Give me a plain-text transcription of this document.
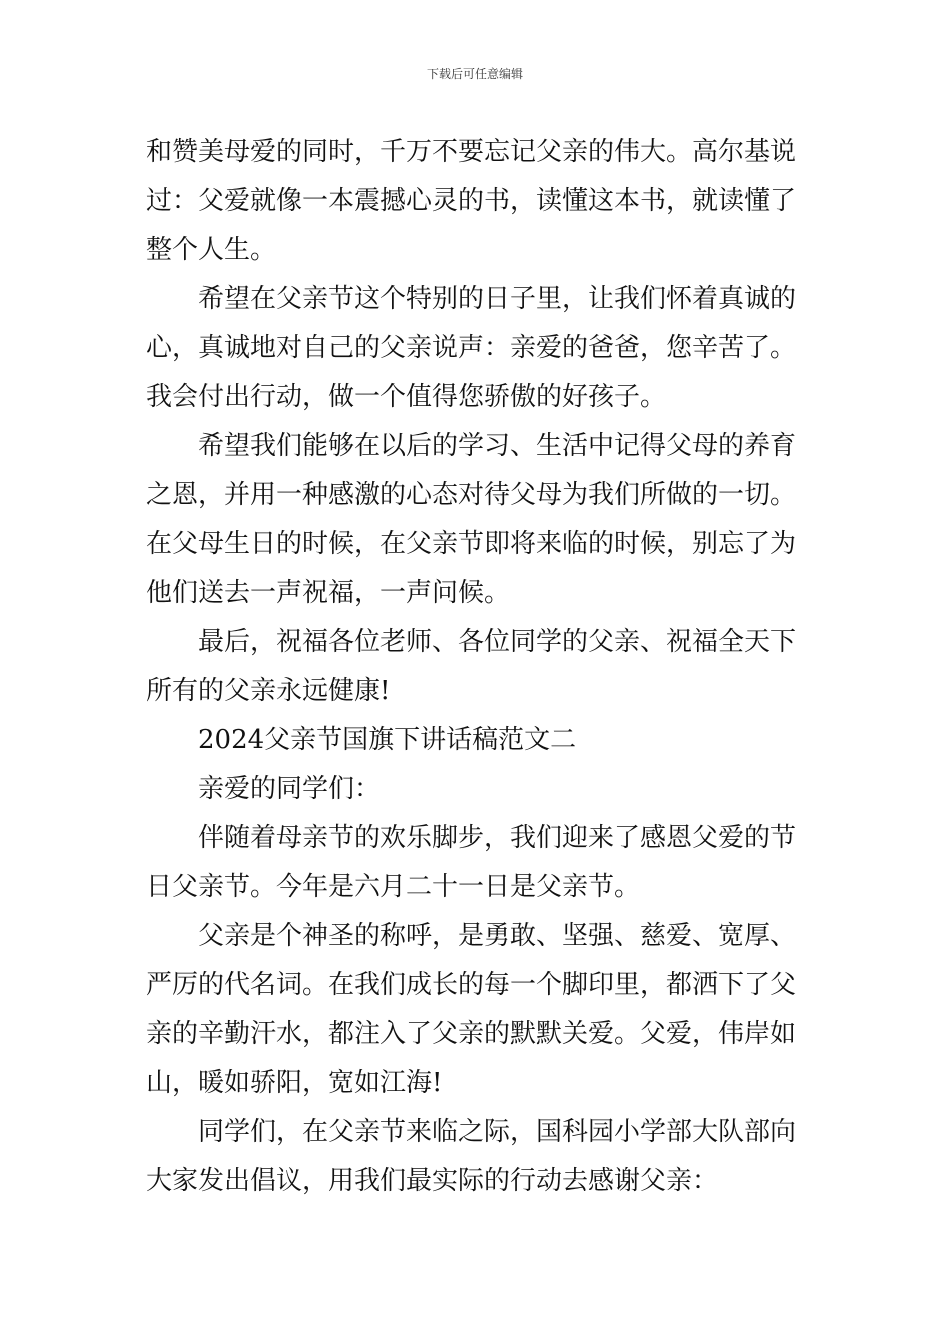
下载后可任意编辑
和赞美母爱的同时，千万不要忘记父亲的伟大。高尔基说
过：父爱就像一本震撼心灵的书，读懂这本书，就读懂了
整个人生。
希望在父亲节这个特别的日子里，让我们怀着真诚的
心，真诚地对自己的父亲说声：亲爱的爸爸，您辛苦了。
我会付出行动，做一个值得您骄傲的好孩子。
希望我们能够在以后的学习、生活中记得父母的养育
之恩，并用一种感激的心态对待父母为我们所做的一切。
在父母生日的时候，在父亲节即将来临的时候，别忘了为
他们送去一声祝福，一声问候。
最后，祝福各位老师、各位同学的父亲、祝福全天下
所有的父亲永远健康!
2024父亲节国旗下讲话稿范文二
亲爱的同学们：
伴随着母亲节的欢乐脚步，我们迎来了感恩父爱的节
日父亲节。今年是六月二十一日是父亲节。
父亲是个神圣的称呼，是勇敢、坚强、慈爱、宽厚、
严厉的代名词。在我们成长的每一个脚印里，都洒下了父
亲的辛勤汗水，都注入了父亲的默默关爱。父爱，伟岸如
山，暖如骄阳，宽如江海!
同学们，在父亲节来临之际，国科园小学部大队部向
大家发出倡议，用我们最实际的行动去感谢父亲：
